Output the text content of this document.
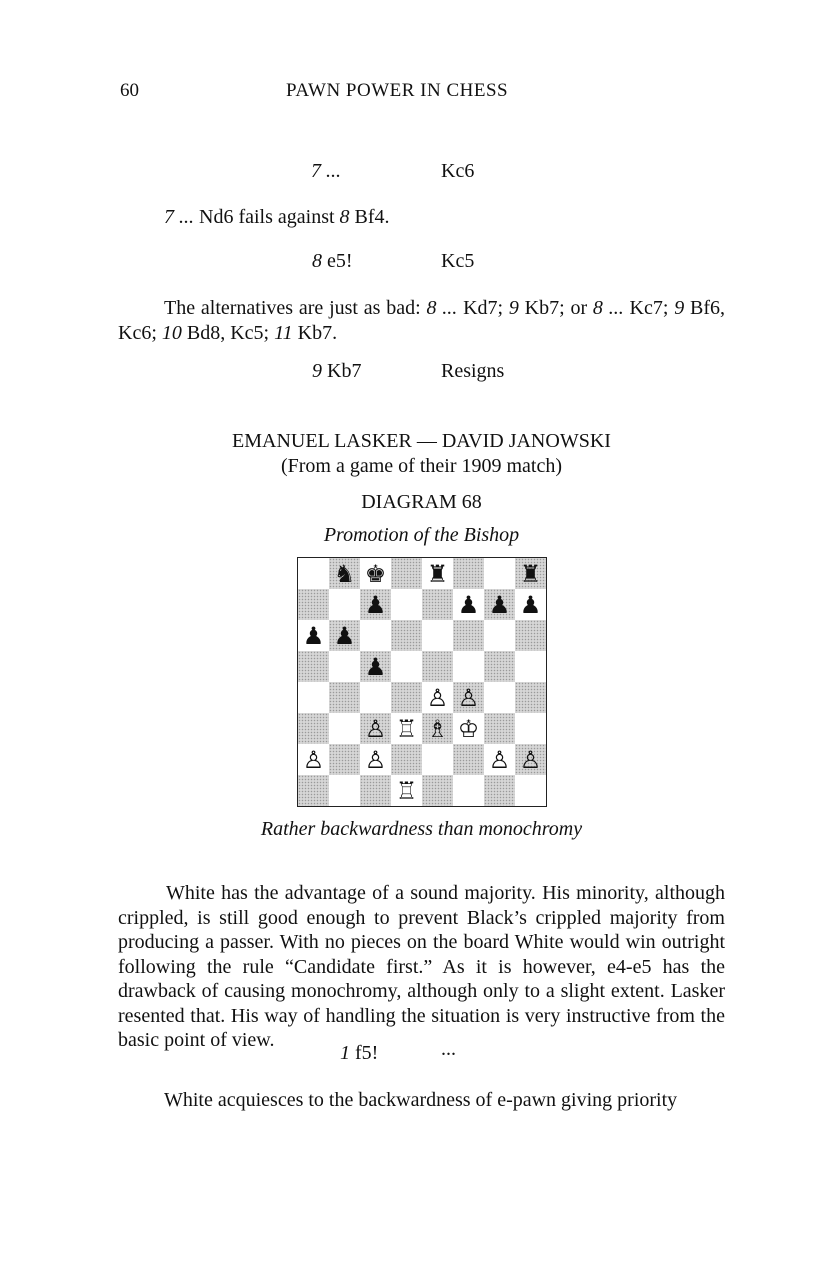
60	PAWN POWER IN CHESS
7 ...	Kc6
7 ... Nd6 fails against 8 Bf4.
8 e5!	Kc5
The alternatives are just as bad: 8 ... Kd7; 9 Kb7; or 8 ... Kc7; 9 Bf6, Kc6; 10 Bd8, Kc5; 11 Kb7.
9 Kb7	Resigns
EMANUEL LASKER — DAVID JANOWSKI
(From a game of their 1909 match)
DIAGRAM 68
Promotion of the Bishop
♞ ♚ ♜	♜
♟	♟ ♟ ♟
♟ ♟
♟
♙ ♙
♙ ♖ ♗ ♔
♙ ♙	♙ ♙
♖
Rather backwardness than monochromy
White has the advantage of a sound majority. His minority, although crippled, is still good enough to prevent Black’s crippled majority from producing a passer. With no pieces on the board White would win outright following the rule “Candidate first.” As it is however, e4-e5 has the drawback of causing monochromy, although only to a slight extent. Lasker resented that. His way of handling the situation is very instructive from the basic point of view.
1 f5!	...
White acquiesces to the backwardness of e-pawn giving priority
